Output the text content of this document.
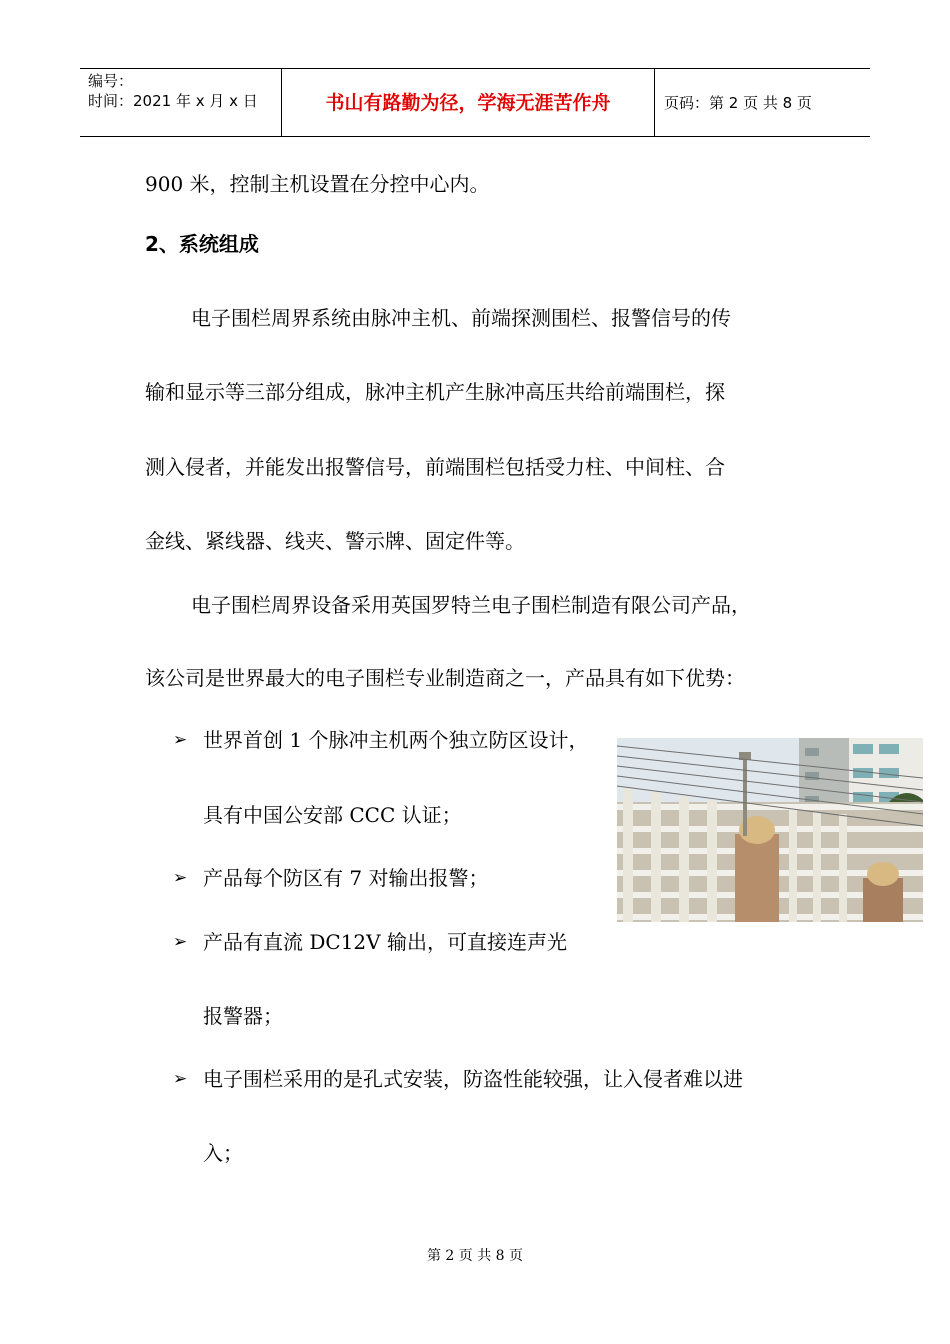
编号：
时间：2021 年 x 月 x 日	书山有路勤为径，学海无涯苦作舟	页码：第 2 页 共 8 页
900 米，控制主机设置在分控中心内。
2、系统组成
电子围栏周界系统由脉冲主机、前端探测围栏、报警信号的传
输和显示等三部分组成，脉冲主机产生脉冲高压共给前端围栏，探
测入侵者，并能发出报警信号，前端围栏包括受力柱、中间柱、合
金线、紧线器、线夹、警示牌、固定件等。
电子围栏周界设备采用英国罗特兰电子围栏制造有限公司产品，
该公司是世界最大的电子围栏专业制造商之一，产品具有如下优势：
➢ 世界首创 1 个脉冲主机两个独立防区设计，
具有中国公安部 CCC 认证；
➢ 产品每个防区有 7 对输出报警；
➢ 产品有直流 DC12V 输出，可直接连声光
报警器；
➢ 电子围栏采用的是孔式安装，防盗性能较强，让入侵者难以进
入；
第 2 页 共 8 页
